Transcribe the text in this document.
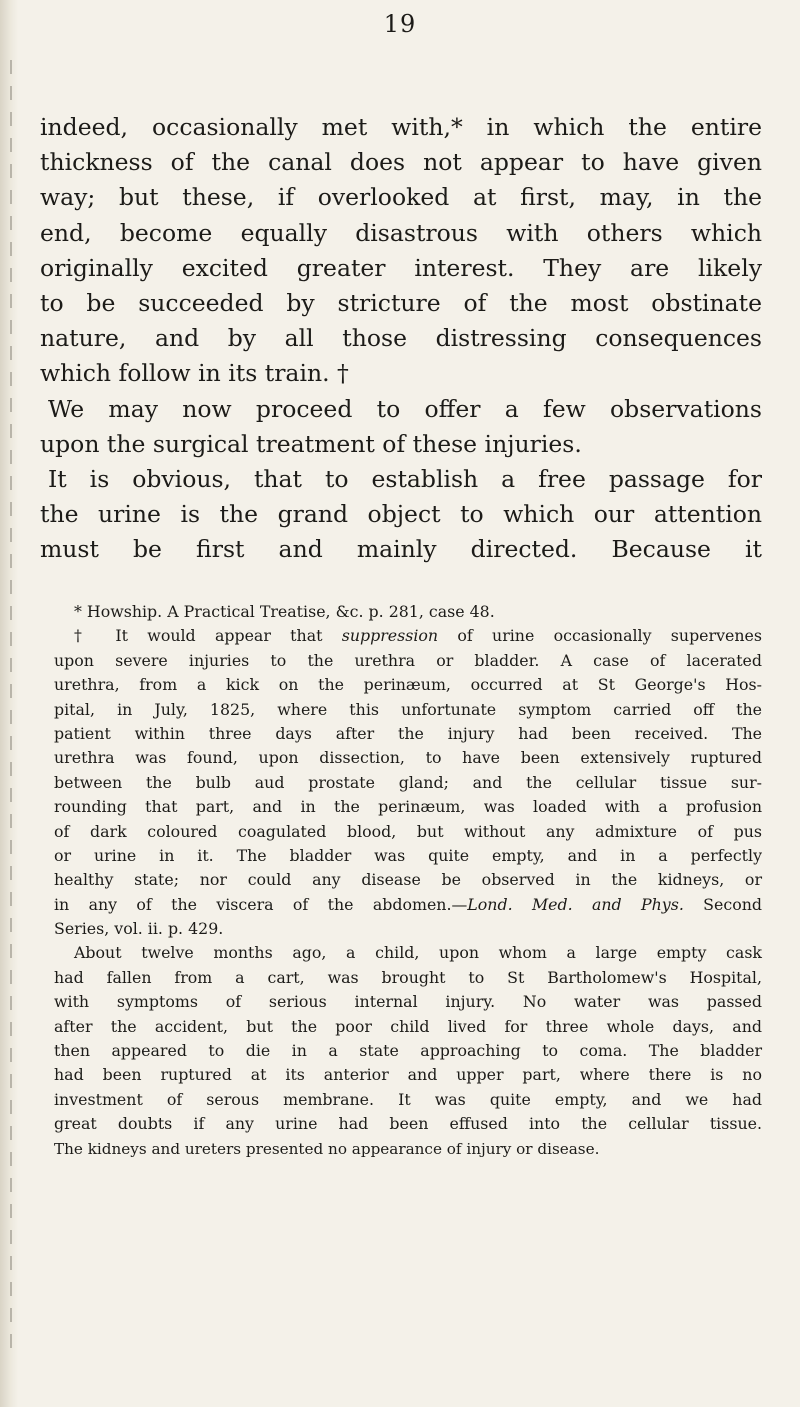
19
indeed, occasionally met with,* in which the entire
thickness of the canal does not appear to have given
way; but these, if overlooked at first, may, in the
end, become equally disastrous with others which
originally excited greater interest. They are likely
to be succeeded by stricture of the most obstinate
nature, and by all those distressing consequences
which follow in its train. †
We may now proceed to offer a few observations
upon the surgical treatment of these injuries.
It is obvious, that to establish a free passage for
the urine is the grand object to which our attention
must be first and mainly directed. Because it
* Howship. A Practical Treatise, &c. p. 281, case 48.
† It would appear that suppression of urine occasionally supervenes
upon severe injuries to the urethra or bladder. A case of lacerated
urethra, from a kick on the perinæum, occurred at St George's Hos-
pital, in July, 1825, where this unfortunate symptom carried off the
patient within three days after the injury had been received. The
urethra was found, upon dissection, to have been extensively ruptured
between the bulb aud prostate gland; and the cellular tissue sur-
rounding that part, and in the perinæum, was loaded with a profusion
of dark coloured coagulated blood, but without any admixture of pus
or urine in it. The bladder was quite empty, and in a perfectly
healthy state; nor could any disease be observed in the kidneys, or
in any of the viscera of the abdomen.—Lond. Med. and Phys. Second
Series, vol. ii. p. 429.
About twelve months ago, a child, upon whom a large empty cask
had fallen from a cart, was brought to St Bartholomew's Hospital,
with symptoms of serious internal injury. No water was passed
after the accident, but the poor child lived for three whole days, and
then appeared to die in a state approaching to coma. The bladder
had been ruptured at its anterior and upper part, where there is no
investment of serous membrane. It was quite empty, and we had
great doubts if any urine had been effused into the cellular tissue.
The kidneys and ureters presented no appearance of injury or disease.
